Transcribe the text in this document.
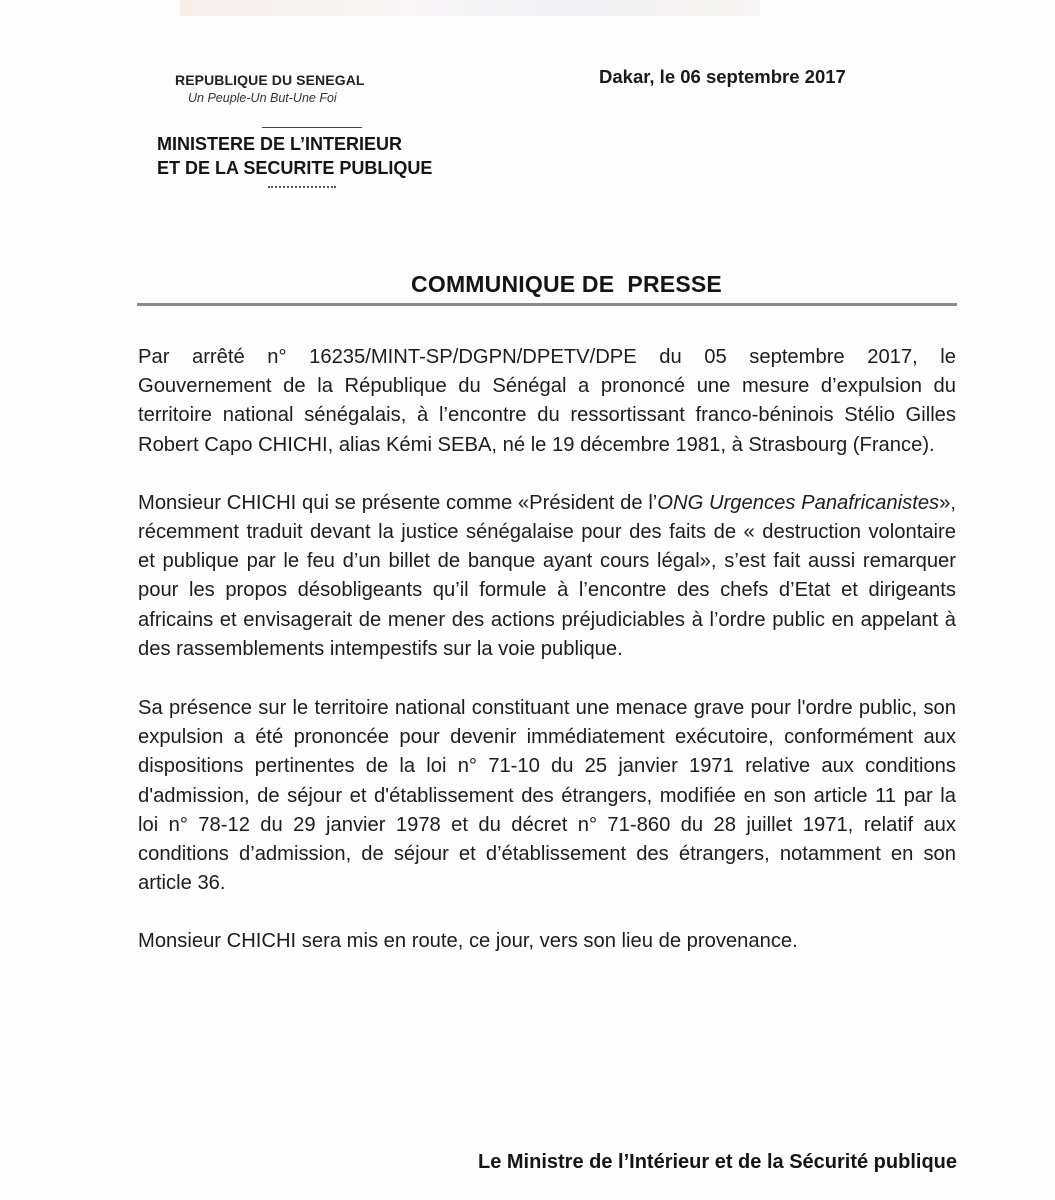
REPUBLIQUE DU SENEGAL
Un Peuple-Un But-Une Foi
MINISTERE DE L’INTERIEUR
ET DE LA SECURITE PUBLIQUE
Dakar, le 06 septembre 2017
COMMUNIQUE DE  PRESSE

Par arrêté n° 16235/MINT-SP/DGPN/DPETV/DPE du 05 septembre 2017, le Gouvernement de la République du Sénégal a prononcé une mesure d’expulsion du territoire national sénégalais, à l’encontre du ressortissant franco-béninois Stélio Gilles Robert Capo CHICHI, alias Kémi SEBA, né le 19 décembre 1981, à Strasbourg (France).

Monsieur CHICHI qui se présente comme «Président de l’ONG Urgences Panafricanistes», récemment traduit devant la justice sénégalaise pour des faits de « destruction volontaire et publique par le feu d’un billet de banque ayant cours légal», s’est fait aussi remarquer pour les propos désobligeants qu’il formule à l’encontre des chefs d’Etat et dirigeants africains et envisagerait de mener des actions préjudiciables à l’ordre public en appelant à des rassemblements intempestifs sur la voie publique.

Sa présence sur le territoire national constituant une menace grave pour l'ordre public, son expulsion a été prononcée pour devenir immédiatement exécutoire, conformément aux dispositions pertinentes de la loi n° 71-10 du 25 janvier 1971 relative aux conditions d'admission, de séjour et d'établissement des étrangers, modifiée en son article 11 par la loi n° 78-12 du 29 janvier 1978 et du décret n° 71-860 du 28 juillet 1971, relatif aux conditions d’admission, de séjour et d’établissement des étrangers, notamment en son article 36.

Monsieur CHICHI sera mis en route, ce jour, vers son lieu de provenance.

Le Ministre de l’Intérieur et de la Sécurité publique
